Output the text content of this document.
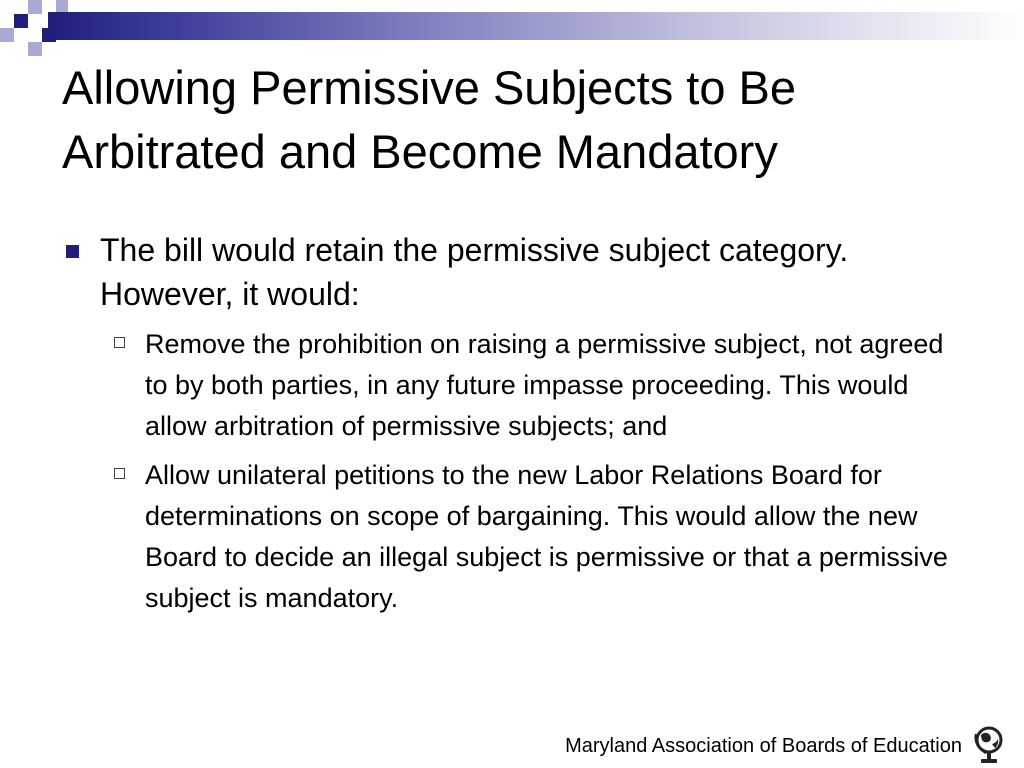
Allowing Permissive Subjects to Be Arbitrated and Become Mandatory
The bill would retain the permissive subject category. However, it would:
Remove the prohibition on raising a permissive subject, not agreed to by both parties, in any future impasse proceeding. This would allow arbitration of permissive subjects; and
Allow unilateral petitions to the new Labor Relations Board for determinations on scope of bargaining. This would allow the new Board to decide an illegal subject is permissive or that a permissive subject is mandatory.
Maryland Association of Boards of Education
